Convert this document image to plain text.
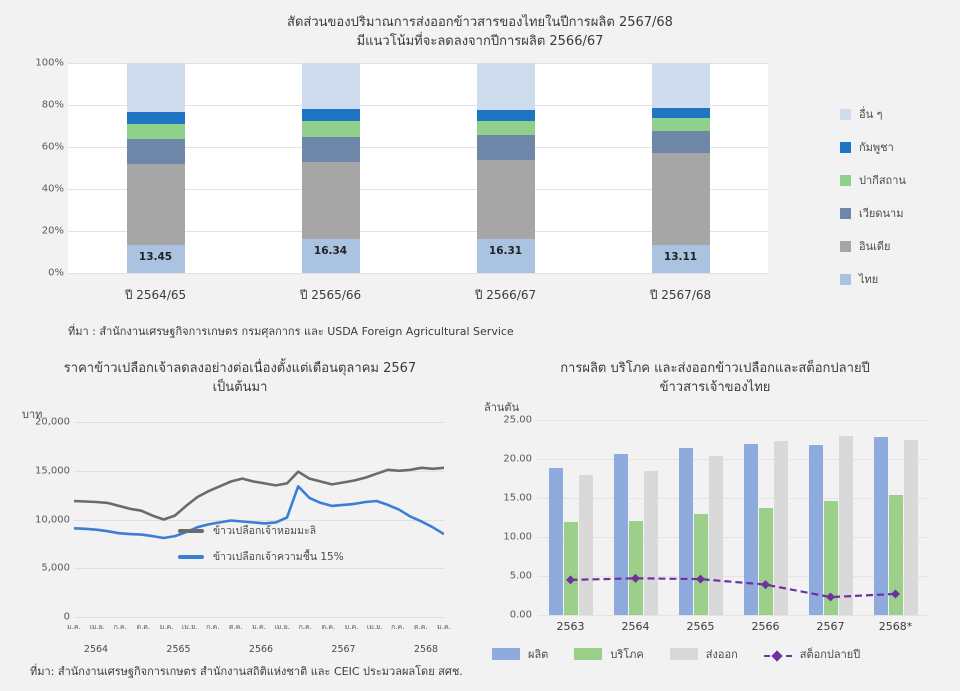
สัดส่วนของปริมาณการส่งออกข้าวสารของไทยในปีการผลิต 2567/68
มีแนวโน้มที่จะลดลงจากปีการผลิต 2566/67
0%
20%
40%
60%
80%
100%
13.45
16.34	16.31
13.11
อื่น ๆ
กัมพูชา
ปากีสถาน
เวียดนาม
อินเดีย
ไทย
ที่มา : สำนักงานเศรษฐกิจการเกษตร กรมศุลกากร และ USDA Foreign Agricultural Service
ปี 2564/65	ปี 2565/66	ปี 2566/67	ปี 2567/68
ราคาข้าวเปลือกเจ้าลดลงอย่างต่อเนื่องตั้งแต่เดือนตุลาคม 2567
เป็นต้นมา
บาท
0
5,000
10,000
15,000
20,000
ม.ค. เม.ย. ก.ค. ต.ค. ม.ค. เม.ย. ก.ค. ต.ค. ม.ค. เม.ย. ก.ค. ต.ค. ม.ค. เม.ย. ก.ค. ต.ค. ม.ค.
2564	2565	2566	2567	2568
ข้าวเปลือกเจ้าหอมมะลิ
ข้าวเปลือกเจ้าความชื้น 15%
การผลิต บริโภค และส่งออกข้าวเปลือกและสต็อกปลายปี
ข้าวสารเจ้าของไทย
ล้านตัน
0.00
5.00
10.00
15.00
20.00
25.00
ผลิต	บริโภค	ส่งออก	สต็อกปลายปี
2563	2564	2565	2566	2567	2568*
ที่มา: สำนักงานเศรษฐกิจการเกษตร สำนักงานสถิติแห่งชาติ และ CEIC ประมวลผลโดย สศช.
